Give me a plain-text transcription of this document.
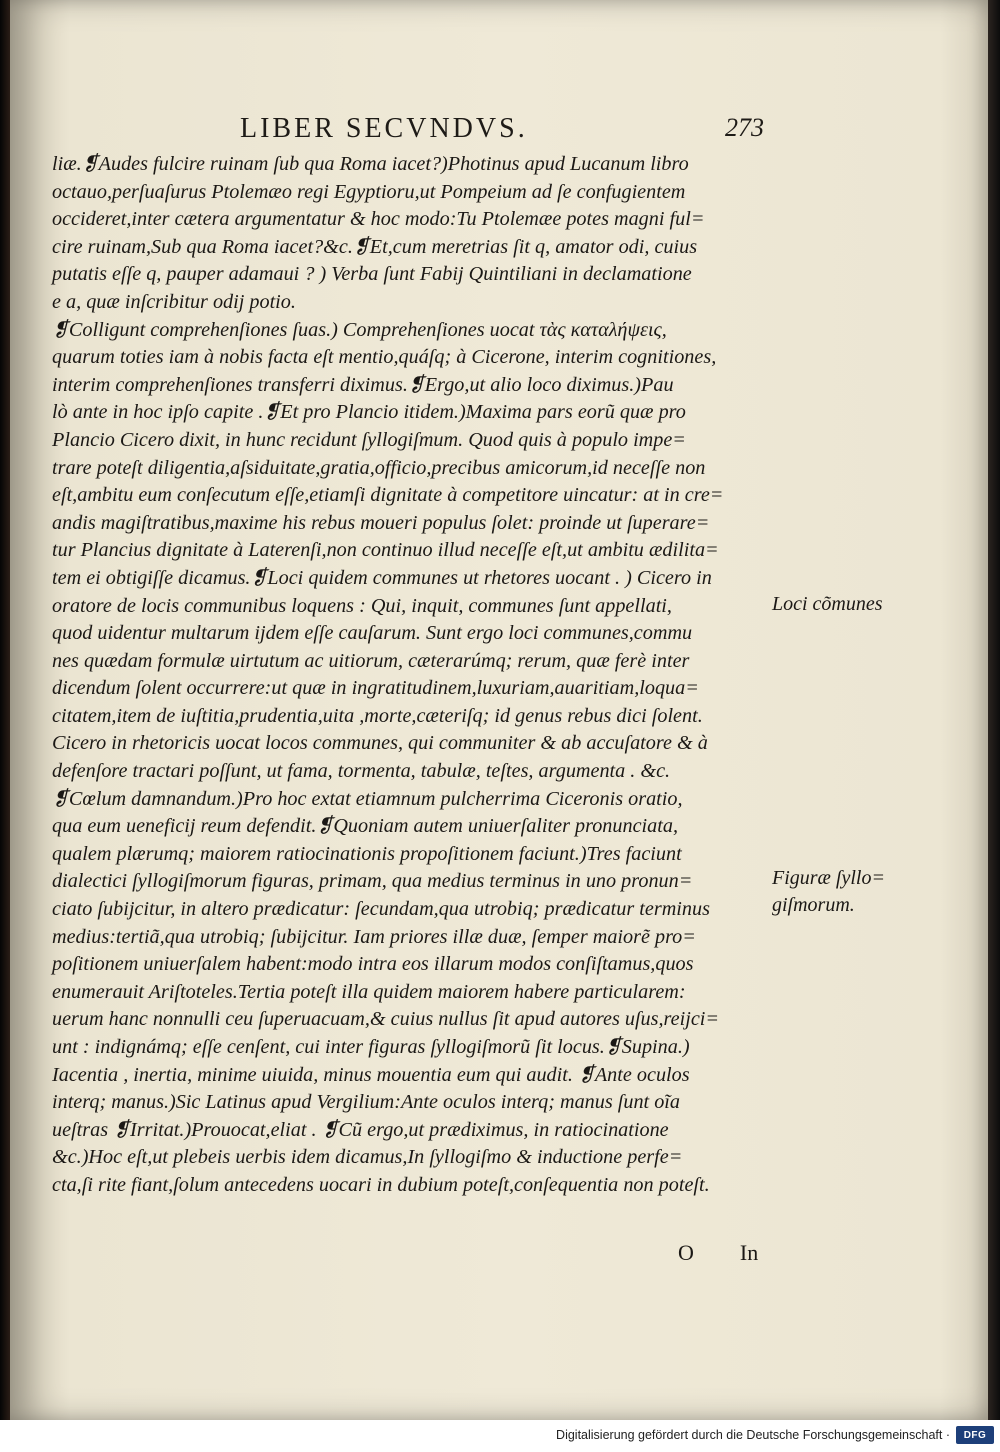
LIBER SECVNDVS.	273
liæ.❡Audes fulcire ruinam ſub qua Roma iacet?)Photinus apud Lucanum libro
octauo,perſuaſurus Ptolemæo regi Egyptioru,ut Pompeium ad ſe confugientem
occideret,inter cætera argumentatur & hoc modo:Tu Ptolemæe potes magni ful=
cire ruinam,Sub qua Roma iacet?&c.❡Et,cum meretrias ſit q, amator odi, cuius
putatis eſſe q, pauper adamaui ? ) Verba ſunt Fabij Quintiliani in declamatione
e a, quæ inſcribitur odij potio.
❡Colligunt comprehenſiones ſuas.) Comprehenſiones uocat τὰς καταλήψεις,
quarum toties iam à nobis facta eſt mentio,quáſq; à Cicerone, interim cognitiones,
interim comprehenſiones transferri diximus.❡Ergo,ut alio loco diximus.)Pau
lò ante in hoc ipſo capite .❡Et pro Plancio itidem.)Maxima pars eorũ quæ pro
Plancio Cicero dixit, in hunc recidunt ſyllogiſmum. Quod quis à populo impe=
trare poteſt diligentia,aſsiduitate,gratia,officio,precibus amicorum,id neceſſe non
eſt,ambitu eum conſecutum eſſe,etiamſi dignitate à competitore uincatur: at in cre=
andis magiſtratibus,maxime his rebus moueri populus ſolet: proinde ut ſuperare=
tur Plancius dignitate à Laterenſi,non continuo illud neceſſe eſt,ut ambitu ædilita=
tem ei obtigiſſe dicamus.❡Loci quidem communes ut rhetores uocant . ) Cicero in
oratore de locis communibus loquens : Qui, inquit, communes ſunt appellati,
quod uidentur multarum ijdem eſſe cauſarum. Sunt ergo loci communes,commu
nes quædam formulæ uirtutum ac uitiorum, cæterarúmq; rerum, quæ ferè inter
dicendum ſolent occurrere:ut quæ in ingratitudinem,luxuriam,auaritiam,loqua=
citatem,item de iuſtitia,prudentia,uita ,morte,cæteriſq; id genus rebus dici ſolent.
Cicero in rhetoricis uocat locos communes, qui communiter & ab accuſatore & à
defenſore tractari poſſunt, ut fama, tormenta, tabulæ, teſtes, argumenta . &c.
❡Cœlum damnandum.)Pro hoc extat etiamnum pulcherrima Ciceronis oratio,
qua eum ueneficij reum defendit.❡Quoniam autem uniuerſaliter pronunciata,
qualem plærumq; maiorem ratiocinationis propoſitionem faciunt.)Tres faciunt
dialectici ſyllogiſmorum figuras, primam, qua medius terminus in uno pronun=
ciato ſubijcitur, in altero prædicatur: ſecundam,qua utrobiq; prædicatur terminus
medius:tertiã,qua utrobiq; ſubijcitur. Iam priores illæ duæ, ſemper maiorẽ pro=
poſitionem uniuerſalem habent:modo intra eos illarum modos conſiſtamus,quos
enumerauit Ariſtoteles.Tertia poteſt illa quidem maiorem habere particularem:
uerum hanc nonnulli ceu ſuperuacuam,& cuius nullus ſit apud autores uſus,reijci=
unt : indignámq; eſſe cenſent, cui inter figuras ſyllogiſmorũ ſit locus.❡Supina.)
Iacentia , inertia, minime uiuida, minus mouentia eum qui audit. ❡Ante oculos
interq; manus.)Sic Latinus apud Vergilium:Ante oculos interq; manus ſunt oĩa
ueſtras ❡Irritat.)Prouocat,eliat . ❡Cũ ergo,ut prædiximus, in ratiocinatione
&c.)Hoc eſt,ut plebeis uerbis idem dicamus,In ſyllogiſmo & inductione perfe=
cta,ſi rite fiant,ſolum antecedens uocari in dubium poteſt,conſequentia non poteſt.
Loci cõmunes
Figuræ ſyllo=
giſmorum.
O In
Digitalisierung gefördert durch die Deutsche Forschungsgemeinschaft · DFG
